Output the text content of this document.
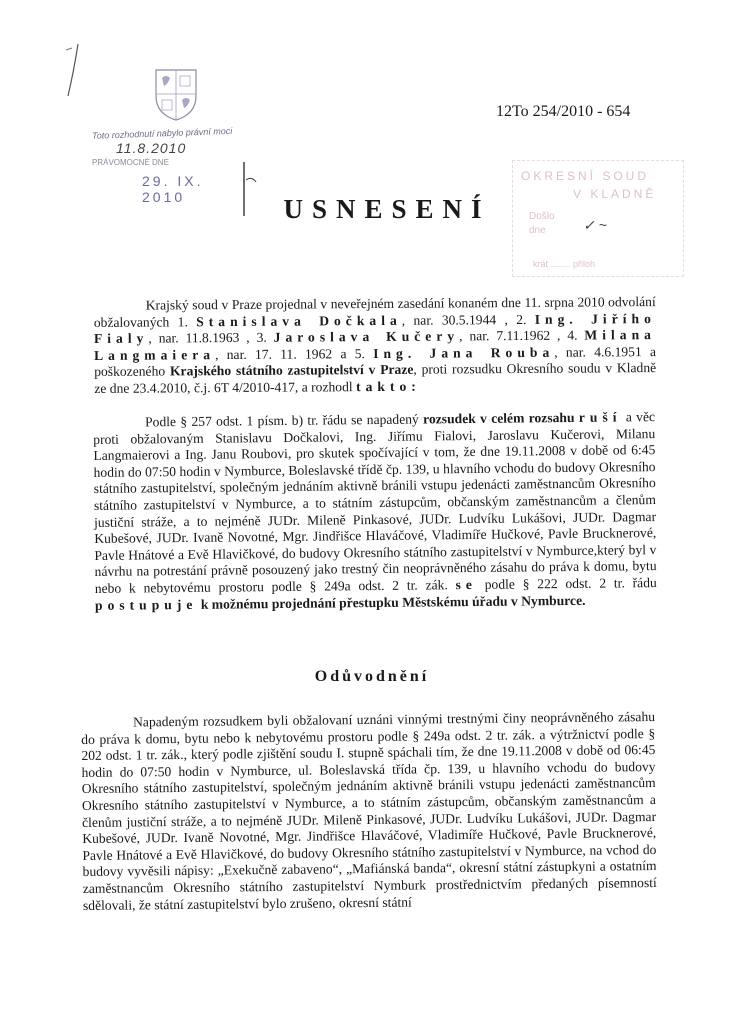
Toto rozhodnutí nabylo právní moci
11.8.2010
PRÁVOMOCNÉ DNE
29. IX. 2010
12To 254/2010 - 654
OKRESNÍ SOUD
V KLADNĚ
Došlo
dne	✓ ~
krát ........ přiloh
USNESENÍ
Krajský soud v Praze projednal v neveřejném zasedání konaném dne 11. srpna 2010 odvolání obžalovaných 1. Stanislava Dočkala, nar. 30.5.1944 , 2. Ing. Jiřího Fialy, nar. 11.8.1963 , 3. Jaroslava Kučery, nar. 7.11.1962 , 4. Milana Langmaiera, nar. 17. 11. 1962 a 5. Ing. Jana Rouba, nar. 4.6.1951 a poškozeného Krajského státního zastupitelství v Praze, proti rozsudku Okresního soudu v Kladně ze dne 23.4.2010, č.j. 6T 4/2010-417, a rozhodl takto:
Podle § 257 odst. 1 písm. b) tr. řádu se napadený rozsudek v celém rozsahu ruší a věc proti obžalovaným Stanislavu Dočkalovi, Ing. Jiřímu Fialovi, Jaroslavu Kučerovi, Milanu Langmaierovi a Ing. Janu Roubovi, pro skutek spočívající v tom, že dne 19.11.2008 v době od 6:45 hodin do 07:50 hodin v Nymburce, Boleslavské třídě čp. 139, u hlavního vchodu do budovy Okresního státního zastupitelství, společným jednáním aktivně bránili vstupu jedenácti zaměstnancům Okresního státního zastupitelství v Nymburce, a to státním zástupcům, občanským zaměstnancům a členům justiční stráže, a to nejméně JUDr. Mileně Pinkasové, JUDr. Ludvíku Lukášovi, JUDr. Dagmar Kubešové, JUDr. Ivaně Novotné, Mgr. Jindřišce Hlaváčové, Vladimíře Hučkové, Pavle Brucknerové, Pavle Hnátové a Evě Hlavičkové, do budovy Okresního státního zastupitelství v Nymburce,který byl v návrhu na potrestání právně posouzený jako trestný čin neoprávněného zásahu do práva k domu, bytu nebo k nebytovému prostoru podle § 249a odst. 2 tr. zák. se podle § 222 odst. 2 tr. řádu postupuje k možnému projednání přestupku Městskému úřadu v Nymburce.
Odůvodnění
Napadeným rozsudkem byli obžalovaní uznáni vinnými trestnými činy neoprávněného zásahu do práva k domu, bytu nebo k nebytovému prostoru podle § 249a odst. 2 tr. zák. a výtržnictví podle § 202 odst. 1 tr. zák., který podle zjištění soudu I. stupně spáchali tím, že dne 19.11.2008 v době od 06:45 hodin do 07:50 hodin v Nymburce, ul. Boleslavská třída čp. 139, u hlavního vchodu do budovy Okresního státního zastupitelství, společným jednáním aktivně bránili vstupu jedenácti zaměstnancům Okresního státního zastupitelství v Nymburce, a to státním zástupcům, občanským zaměstnancům a členům justiční stráže, a to nejméně JUDr. Mileně Pinkasové, JUDr. Ludvíku Lukášovi, JUDr. Dagmar Kubešové, JUDr. Ivaně Novotné, Mgr. Jindřišce Hlaváčové, Vladimíře Hučkové, Pavle Brucknerové, Pavle Hnátové a Evě Hlavičkové, do budovy Okresního státního zastupitelství v Nymburce, na vchod do budovy vyvěsili nápisy: „Exekučně zabaveno“, „Mafiánská banda“, okresní státní zástupkyni a ostatním zaměstnancům Okresního státního zastupitelství Nymburk prostřednictvím předaných písemností sdělovali, že státní zastupitelství bylo zrušeno, okresní státní
